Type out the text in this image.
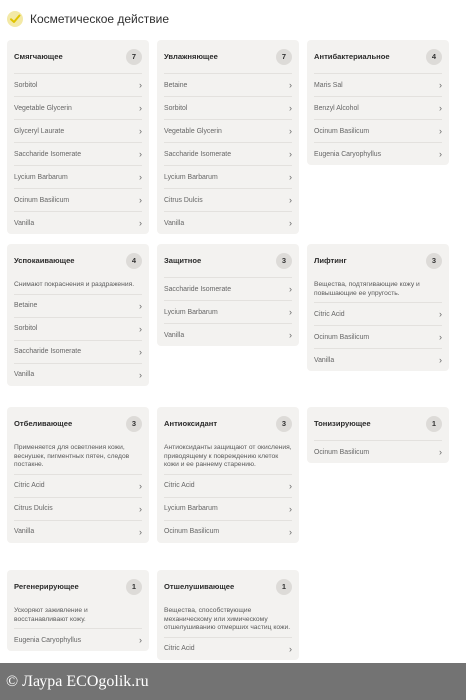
Косметическое действие
Смягчающее	7
Sorbitol	›
Vegetable Glycerin	›
Glyceryl Laurate	›
Saccharide Isomerate	›
Lycium Barbarum	›
Ocinum Basilicum	›
Vanilla	›
Увлажняющее	7
Betaine	›
Sorbitol	›
Vegetable Glycerin	›
Saccharide Isomerate	›
Lycium Barbarum	›
Citrus Dulcis	›
Vanilla	›
Антибактериальное	4
Maris Sal	›
Benzyl Alcohol	›
Ocinum Basilicum	›
Eugenia Caryophyllus	›
Успокаивающее	4
Снимают покраснения и раздражения.
Betaine	›
Sorbitol	›
Saccharide Isomerate	›
Vanilla	›
Защитное	3
Saccharide Isomerate	›
Lycium Barbarum	›
Vanilla	›
Лифтинг	3
Вещества, подтягивающие кожу и повышающие ее упругость.
Citric Acid	›
Ocinum Basilicum	›
Vanilla	›
Отбеливающее	3
Применяется для осветления кожи, веснушек, пигментных пятен, следов постакне.
Citric Acid	›
Citrus Dulcis	›
Vanilla	›
Антиоксидант	3
Антиоксиданты защищают от окисления, приводящему к повреждению клеток кожи и ее раннему старению.
Citric Acid	›
Lycium Barbarum	›
Ocinum Basilicum	›
Тонизирующее	1
Ocinum Basilicum	›
Регенерирующее	1
Ускоряют заживление и восстанавливают кожу.
Eugenia Caryophyllus	›
Отшелушивающее	1
Вещества, способствующие механическому или химическому отшелушиванию отмерших частиц кожи.
Citric Acid	›
© Лаура ECOgolik.ru
